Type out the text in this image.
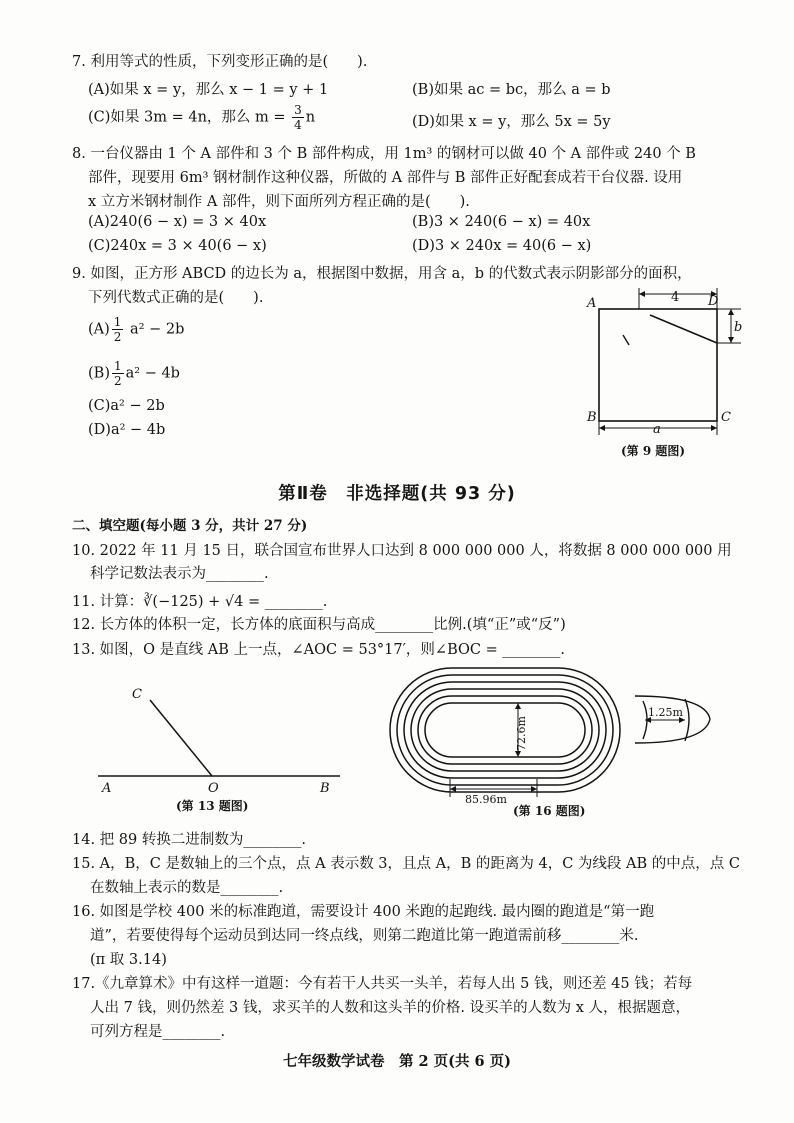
7. 利用等式的性质，下列变形正确的是(　　).
(A)如果 x = y，那么 x − 1 = y + 1	(B)如果 ac = bc，那么 a = b
(C)如果 3m = 4n，那么 $m = \frac{3}{4}$ n	(D)如果 x = y，那么 5x = 5y
8. 一台仪器由 1 个 A 部件和 3 个 B 部件构成，用 1m³ 的钢材可以做 40 个 A 部件或 240 个 B
部件，现要用 6m³ 钢材制作这种仪器，所做的 A 部件与 B 部件正好配套成若干台仪器. 设用
x 立方米钢材制作 A 部件，则下面所列方程正确的是(　　).
(A)240(6 − x) = 3 × 40x	(B)3 × 240(6 − x) = 40x
(C)240x = 3 × 40(6 − x)	(D)3 × 240x = 40(6 − x)
9. 如图，正方形 ABCD 的边长为 a，根据图中数据，用含 a，b 的代数式表示阴影部分的面积，
下列代数式正确的是(　　).
$(A) \frac{1}{2} a^2 - 2b$
$(B) \frac{1}{2} a^2 - 4b$
(C)a² − 2b
(D)a² − 4b
A	D
B	C
4
b
a
(第 9 题图)
第Ⅱ卷　非选择题(共 93 分)
二、填空题(每小题 3 分，共计 27 分)
10. 2022 年 11 月 15 日，联合国宣布世界人口达到 8 000 000 000 人，将数据 8 000 000 000 用
科学记数法表示为________.
11. 计算：∛(−125) + √4 = ________.
12. 长方体的体积一定，长方体的底面积与高成________比例.(填“正”或“反”)
13. 如图，O 是直线 AB 上一点，∠AOC = 53°17′，则∠BOC = ________.
C
A	O	B
(第 13 题图)
72.6m
85.96m
(第 16 题图)
1.25m
14. 把 89 转换二进制数为________.
15. A，B，C 是数轴上的三个点，点 A 表示数 3，且点 A，B 的距离为 4，C 为线段 AB 的中点，点 C
在数轴上表示的数是________.
16. 如图是学校 400 米的标准跑道，需要设计 400 米跑的起跑线. 最内圈的跑道是“第一跑
道”，若要使得每个运动员到达同一终点线，则第二跑道比第一跑道需前移________米.
(π 取 3.14)
17.《九章算术》中有这样一道题：今有若干人共买一头羊，若每人出 5 钱，则还差 45 钱；若每
人出 7 钱，则仍然差 3 钱，求买羊的人数和这头羊的价格. 设买羊的人数为 x 人，根据题意，
可列方程是________.
七年级数学试卷　第 2 页(共 6 页)
